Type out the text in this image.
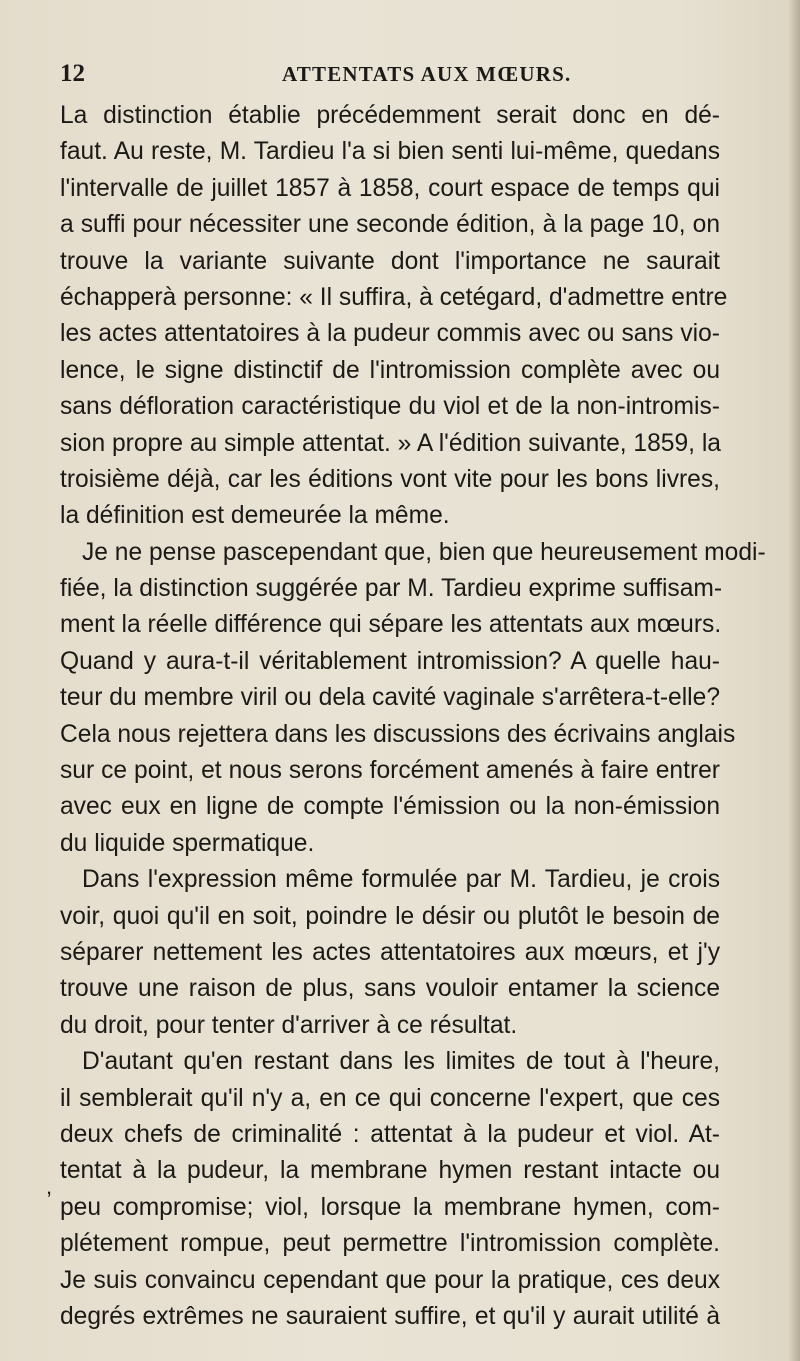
12	ATTENTATS AUX MŒURS.
,
La distinction établie précédemment serait donc en dé-
faut. Au reste, M. Tardieu l'a si bien senti lui-même, quedans
l'intervalle de juillet 1857 à 1858, court espace de temps qui
a suffi pour nécessiter une seconde édition, à la page 10, on
trouve la variante suivante dont l'importance ne saurait
échapperà personne: « Il suffira, à cetégard, d'admettre entre
les actes attentatoires à la pudeur commis avec ou sans vio-
lence, le signe distinctif de l'intromission complète avec ou
sans défloration caractéristique du viol et de la non-intromis-
sion propre au simple attentat. » A l'édition suivante, 1859, la
troisième déjà, car les éditions vont vite pour les bons livres,
la définition est demeurée la même.
Je ne pense pascependant que, bien que heureusement modi-
fiée, la distinction suggérée par M. Tardieu exprime suffisam-
ment la réelle différence qui sépare les attentats aux mœurs.
Quand y aura-t-il véritablement intromission? A quelle hau-
teur du membre viril ou dela cavité vaginale s'arrêtera-t-elle?
Cela nous rejettera dans les discussions des écrivains anglais
sur ce point, et nous serons forcément amenés à faire entrer
avec eux en ligne de compte l'émission ou la non-émission
du liquide spermatique.
Dans l'expression même formulée par M. Tardieu, je crois
voir, quoi qu'il en soit, poindre le désir ou plutôt le besoin de
séparer nettement les actes attentatoires aux mœurs, et j'y
trouve une raison de plus, sans vouloir entamer la science
du droit, pour tenter d'arriver à ce résultat.
D'autant qu'en restant dans les limites de tout à l'heure,
il semblerait qu'il n'y a, en ce qui concerne l'expert, que ces
deux chefs de criminalité : attentat à la pudeur et viol. At-
tentat à la pudeur, la membrane hymen restant intacte ou
peu compromise; viol, lorsque la membrane hymen, com-
plétement rompue, peut permettre l'intromission complète.
Je suis convaincu cependant que pour la pratique, ces deux
degrés extrêmes ne sauraient suffire, et qu'il y aurait utilité à
